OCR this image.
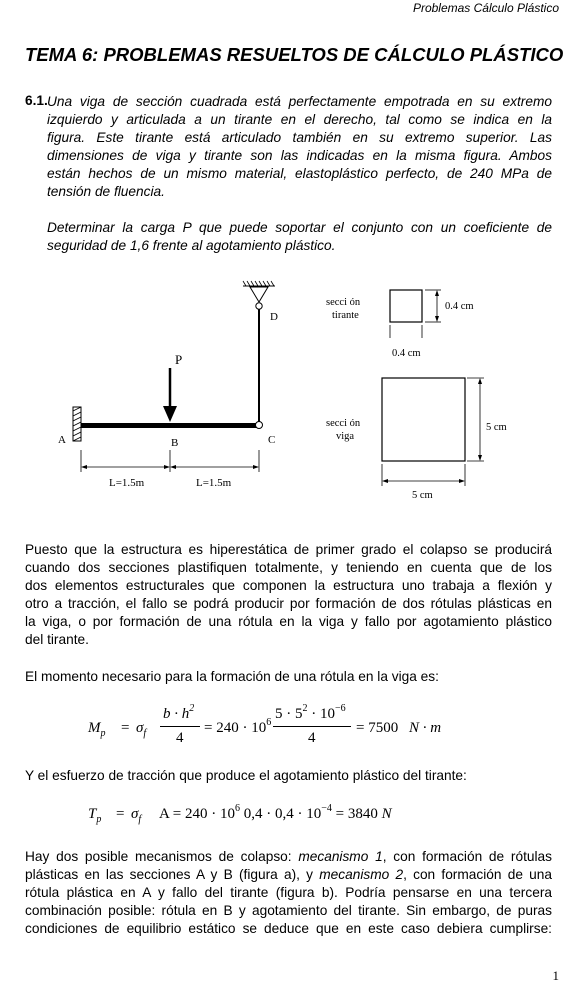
Problemas Cálculo Plástico
TEMA 6: PROBLEMAS RESUELTOS DE CÁLCULO PLÁSTICO
6.1. Una viga de sección cuadrada está perfectamente empotrada en su extremo
izquierdo y articulada a un tirante en el derecho, tal como se indica en la
figura. Este tirante está articulado también en su extremo superior. Las
dimensiones de viga y tirante son las indicadas en la misma figura. Ambos
están hechos de un mismo material, elastoplástico perfecto, de 240 MPa de
tensión de fluencia.
Determinar la carga P que puede soportar el conjunto con un coeficiente de
seguridad de 1,6 frente al agotamiento plástico.
D
P
A	B	C
L=1.5m	L=1.5m
secci ón
tirante
0.4 cm
0.4 cm
secci ón
viga
5 cm
5 cm
Puesto que la estructura es hiperestática de primer grado el colapso se producirá
cuando dos secciones plastifiquen totalmente, y teniendo en cuenta que de los
dos elementos estructurales que componen la estructura uno trabaja a flexión y
otro a tracción, el fallo se podrá producir por formación de dos rótulas plásticas en
la viga, o por formación de una rótula en la viga y fallo por agotamiento plástico
del tirante.
El momento necesario para la formación de una rótula en la viga es:
$M_p = \sigma_f$
$b \cdot h^2$
4
= $240 \cdot 10^6$
$5 \cdot 5^2 \cdot 10^{-6}$
4
= 7500 N · m
Y el esfuerzo de tracción que produce el agotamiento plástico del tirante:
$T_p = \sigma_f$ $A = 240 \cdot 10^6$ $0,4 \cdot 0,4 \cdot 10^{-4} = 3840$ N
Hay dos posible mecanismos de colapso: mecanismo 1, con formación de rótulas
plásticas en las secciones A y B (figura a), y mecanismo 2, con formación de una
rótula plástica en A y fallo del tirante (figura b). Podría pensarse en una tercera
combinación posible: rótula en B y agotamiento del tirante. Sin embargo, de puras
condiciones de equilibrio estático se deduce que en este caso debiera cumplirse:
1
